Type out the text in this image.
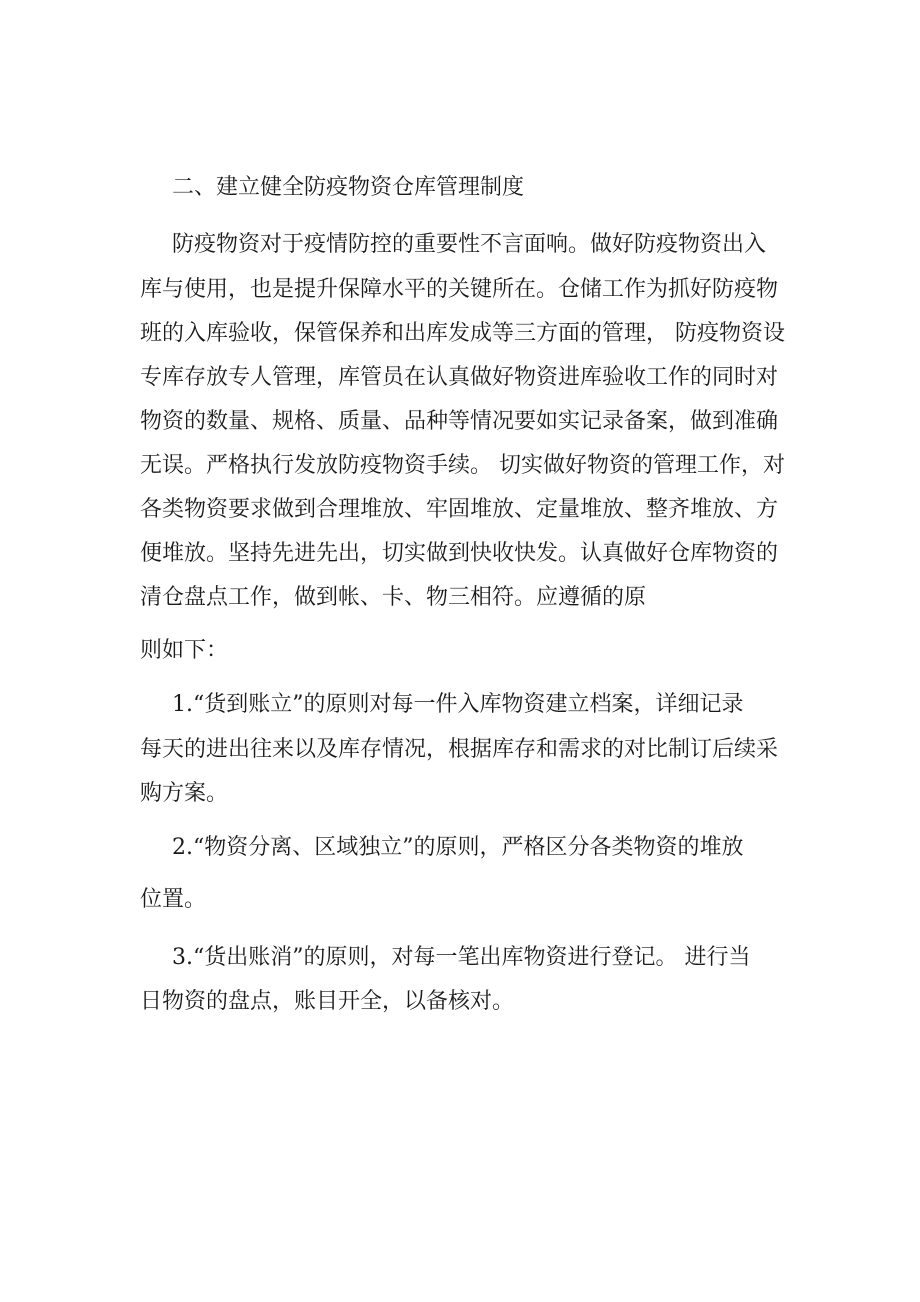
二、建立健全防疫物资仓库管理制度
防疫物资对于疫情防控的重要性不言面响。做好防疫物资出入
库与使用，也是提升保障水平的关键所在。仓储工作为抓好防疫物
班的入库验收，保管保养和出库发成等三方面的管理， 防疫物资设
专库存放专人管理，库管员在认真做好物资进库验收工作的同时对
物资的数量、规格、质量、品种等情况要如实记录备案，做到准确
无误。严格执行发放防疫物资手续。 切实做好物资的管理工作，对
各类物资要求做到合理堆放、牢固堆放、定量堆放、整齐堆放、方
便堆放。坚持先进先出，切实做到快收快发。认真做好仓库物资的
清仓盘点工作，做到帐、卡、物三相符。应遵循的原
则如下：
1.“货到账立”的原则对每一件入库物资建立档案，详细记录
每天的进出往来以及库存情况，根据库存和需求的对比制订后续采
购方案。
2.“物资分离、区域独立”的原则，严格区分各类物资的堆放
位置。
3.“货出账消”的原则，对每一笔出库物资进行登记。 进行当
日物资的盘点，账目开全，以备核对。
